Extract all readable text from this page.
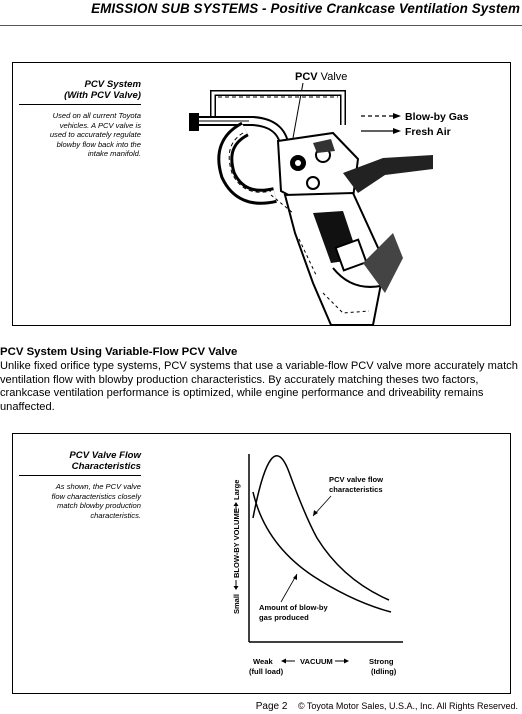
EMISSION SUB SYSTEMS - Positive Crankcase Ventilation System
PCV System
(With PCV Valve)
Used on all current Toyota
vehicles. A PCV valve is
used to accurately regulate
blowby flow back into the
intake manifold.
PCV Valve
Blow-by Gas
Fresh Air
PCV System Using Variable-Flow PCV Valve
Unlike fixed orifice type systems, PCV systems that use a variable-flow PCV valve more accurately match ventilation flow with blowby production characteristics. By accurately matching theses two factors, crankcase ventilation performance is optimized, while engine performance and driveability remains unaffected.
PCV Valve Flow
Characteristics
As shown, the PCV valve
flow characteristics closely
match blowby production
characteristics.
Small
BLOW-BY VOLUME
Large
PCV valve flow
characteristics
Amount of blow-by
gas produced
Weak
(full load)
VACUUM	Strong
(Idling)
Page 2 © Toyota Motor Sales, U.S.A., Inc. All Rights Reserved.
